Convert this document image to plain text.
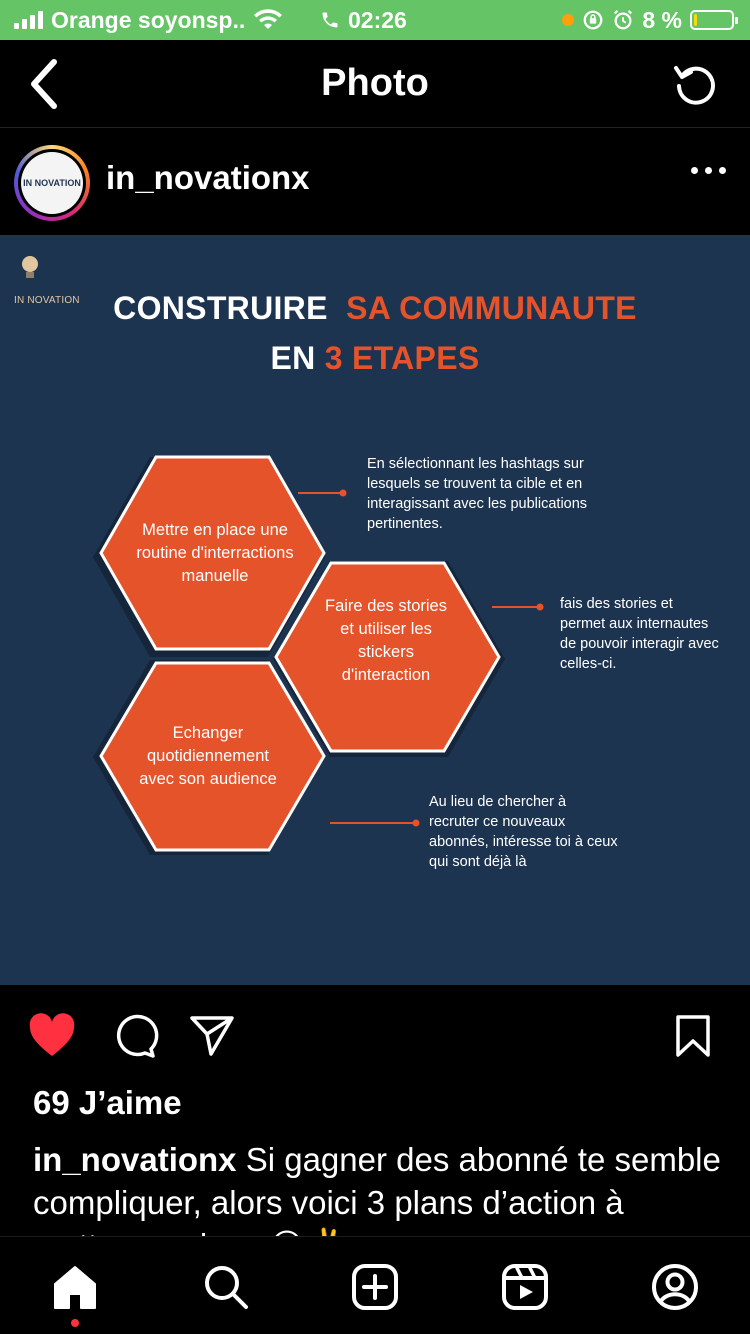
Orange soyonsp..	02:26	8 %
Photo
IN NOVATION in_novationx
IN NOVATION	CONSTRUIRE SA COMMUNAUTE
EN 3 ETAPES
Mettre en place une routine d'interractions manuelle
Faire des stories et utiliser les stickers d'interaction
Echanger quotidiennement avec son audience
En sélectionnant les hashtags sur lesquels se trouvent ta cible et en interagissant avec les publications pertinentes.
fais des stories et permet aux internautes de pouvoir interagir avec celles-ci.
Au lieu de chercher à recruter ce nouveaux abonnés, intéresse toi à ceux qui sont déjà là
69 J’aime
in_novationx Si gagner des abonné te semble compliquer, alors voici 3 plans d’action à
